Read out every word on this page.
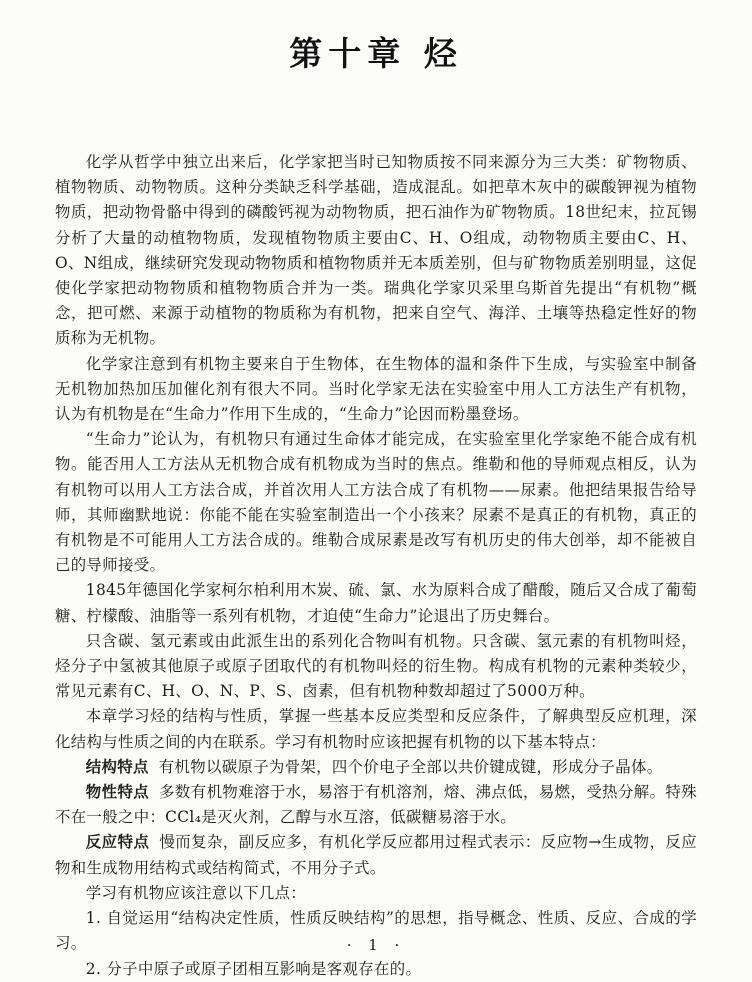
第十章 烃

化学从哲学中独立出来后，化学家把当时已知物质按不同来源分为三大类：矿物物质、植物物质、动物物质。这种分类缺乏科学基础，造成混乱。如把草木灰中的碳酸钾视为植物物质，把动物骨骼中得到的磷酸钙视为动物物质，把石油作为矿物物质。18世纪末，拉瓦锡分析了大量的动植物物质，发现植物物质主要由C、H、O组成，动物物质主要由C、H、O、N组成，继续研究发现动物物质和植物物质并无本质差别，但与矿物物质差别明显，这促使化学家把动物物质和植物物质合并为一类。瑞典化学家贝采里乌斯首先提出“有机物”概念，把可燃、来源于动植物的物质称为有机物，把来自空气、海洋、土壤等热稳定性好的物质称为无机物。

化学家注意到有机物主要来自于生物体，在生物体的温和条件下生成，与实验室中制备无机物加热加压加催化剂有很大不同。当时化学家无法在实验室中用人工方法生产有机物，认为有机物是在“生命力”作用下生成的，“生命力”论因而粉墨登场。

“生命力”论认为，有机物只有通过生命体才能完成，在实验室里化学家绝不能合成有机物。能否用人工方法从无机物合成有机物成为当时的焦点。维勒和他的导师观点相反，认为有机物可以用人工方法合成，并首次用人工方法合成了有机物——尿素。他把结果报告给导师，其师幽默地说：你能不能在实验室制造出一个小孩来？尿素不是真正的有机物，真正的有机物是不可能用人工方法合成的。维勒合成尿素是改写有机历史的伟大创举，却不能被自己的导师接受。

1845年德国化学家柯尔柏利用木炭、硫、氯、水为原料合成了醋酸，随后又合成了葡萄糖、柠檬酸、油脂等一系列有机物，才迫使“生命力”论退出了历史舞台。

只含碳、氢元素或由此派生出的系列化合物叫有机物。只含碳、氢元素的有机物叫烃，烃分子中氢被其他原子或原子团取代的有机物叫烃的衍生物。构成有机物的元素种类较少，常见元素有C、H、O、N、P、S、卤素，但有机物种数却超过了5000万种。

本章学习烃的结构与性质，掌握一些基本反应类型和反应条件，了解典型反应机理，深化结构与性质之间的内在联系。学习有机物时应该把握有机物的以下基本特点：

结构特点 有机物以碳原子为骨架，四个价电子全部以共价键成键，形成分子晶体。

物性特点 多数有机物难溶于水，易溶于有机溶剂，熔、沸点低，易燃，受热分解。特殊不在一般之中：CCl₄是灭火剂，乙醇与水互溶，低碳糖易溶于水。

反应特点 慢而复杂，副反应多，有机化学反应都用过程式表示：反应物→生成物，反应物和生成物用结构式或结构简式，不用分子式。

学习有机物应该注意以下几点：

1. 自觉运用“结构决定性质，性质反映结构”的思想，指导概念、性质、反应、合成的学习。

2. 分子中原子或原子团相互影响是客观存在的。

· 1 ·
